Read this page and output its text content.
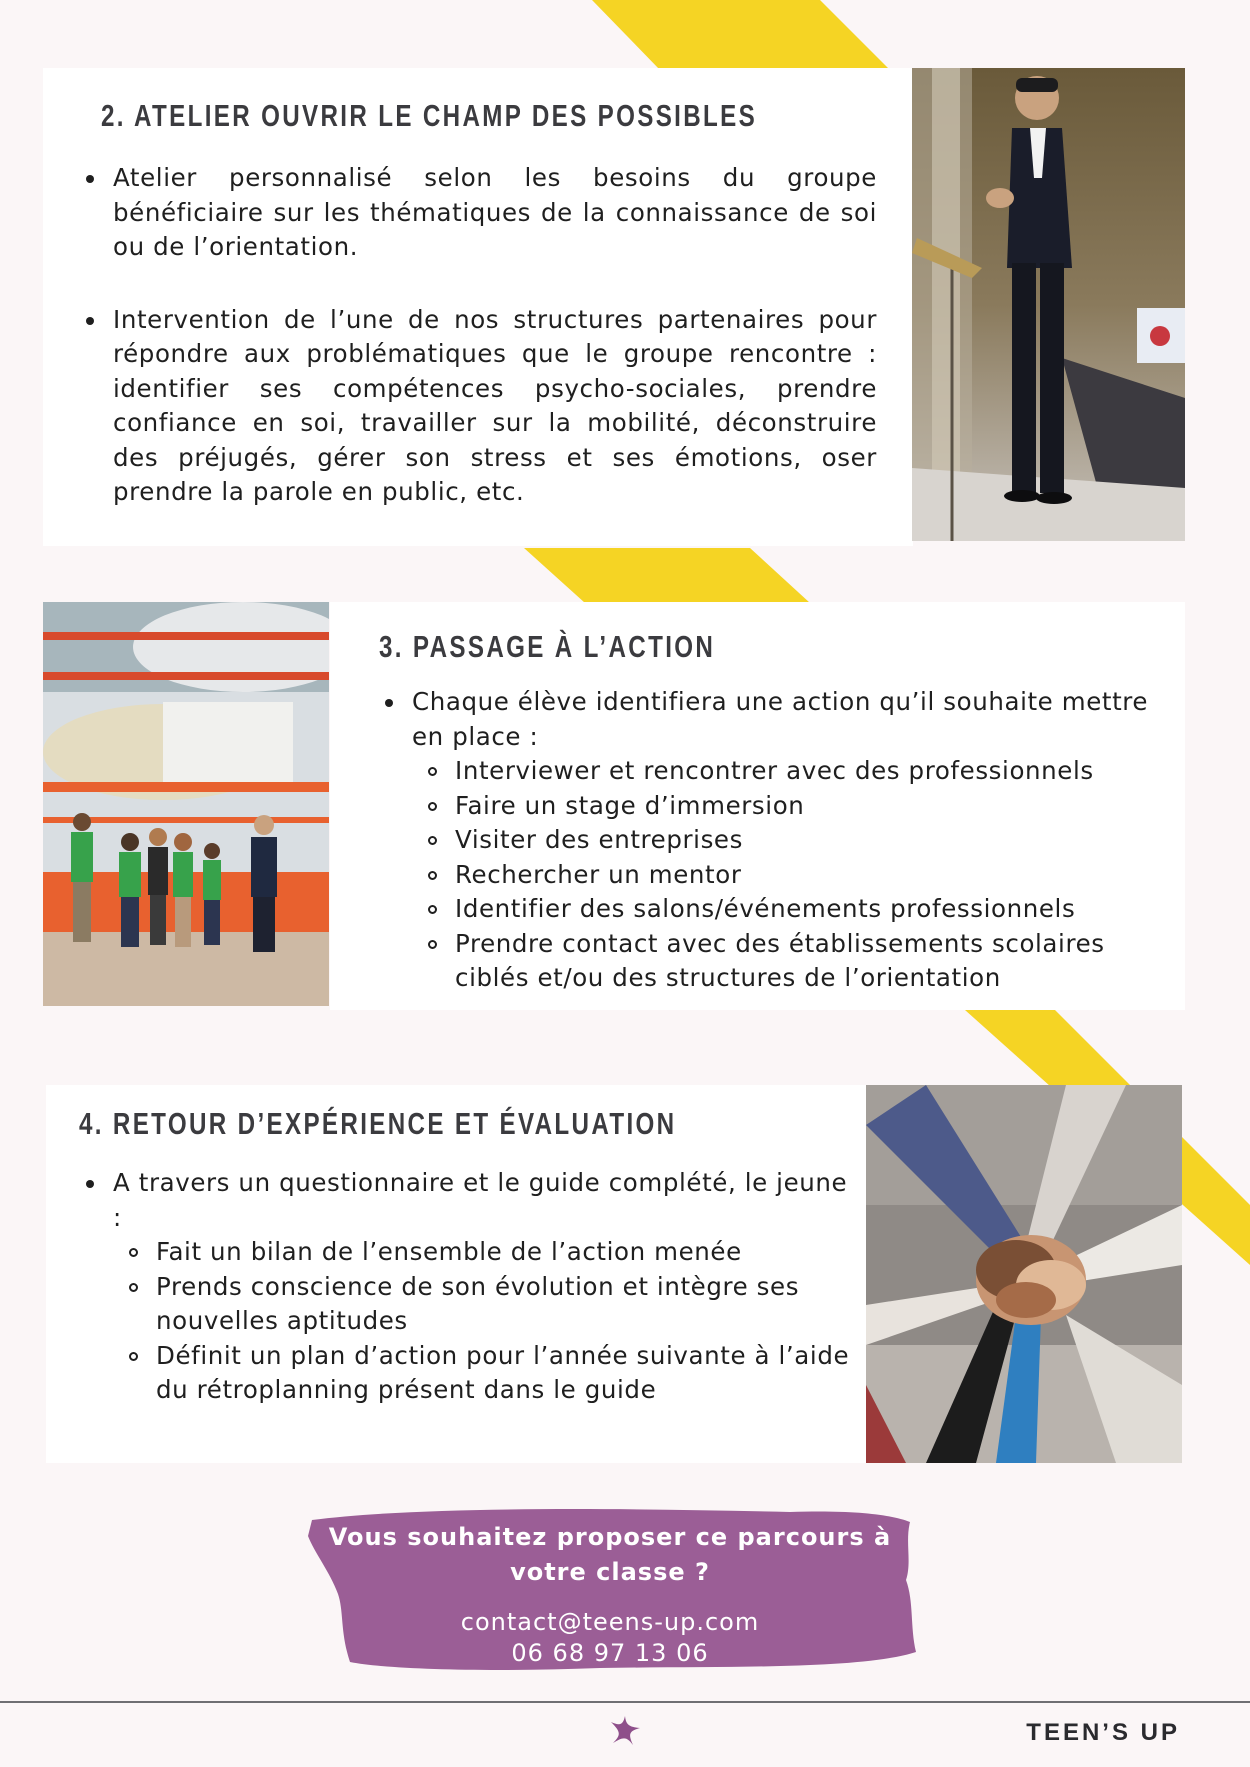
2. ATELIER OUVRIR LE CHAMP DES POSSIBLES
Atelier personnalisé selon les besoins du groupe bénéficiaire sur les thématiques de la connaissance de soi ou de l’orientation.
Intervention de l’une de nos structures partenaires pour répondre aux problématiques que le groupe rencontre : identifier ses compétences psycho-sociales, prendre confiance en soi, travailler sur la mobilité, déconstruire des préjugés, gérer son stress et ses émotions, oser prendre la parole en public, etc.
3. PASSAGE À L’ACTION
Chaque élève identifiera une action qu’il souhaite mettre en place :
Interviewer et rencontrer avec des professionnels
Faire un stage d’immersion
Visiter des entreprises
Rechercher un mentor
Identifier des salons/événements professionnels
Prendre contact avec des établissements scolaires ciblés et/ou des structures de l’orientation
4. RETOUR D’EXPÉRIENCE ET ÉVALUATION
A travers un questionnaire et le guide complété, le jeune :
Fait un bilan de l’ensemble de l’action menée
Prends conscience de son évolution et intègre ses nouvelles aptitudes
Définit un plan d’action pour l’année suivante à l’aide du rétroplanning présent dans le guide
Vous souhaitez proposer ce parcours à
votre classe ?
contact@teens-up.com
06 68 97 13 06
TEEN’S UP
